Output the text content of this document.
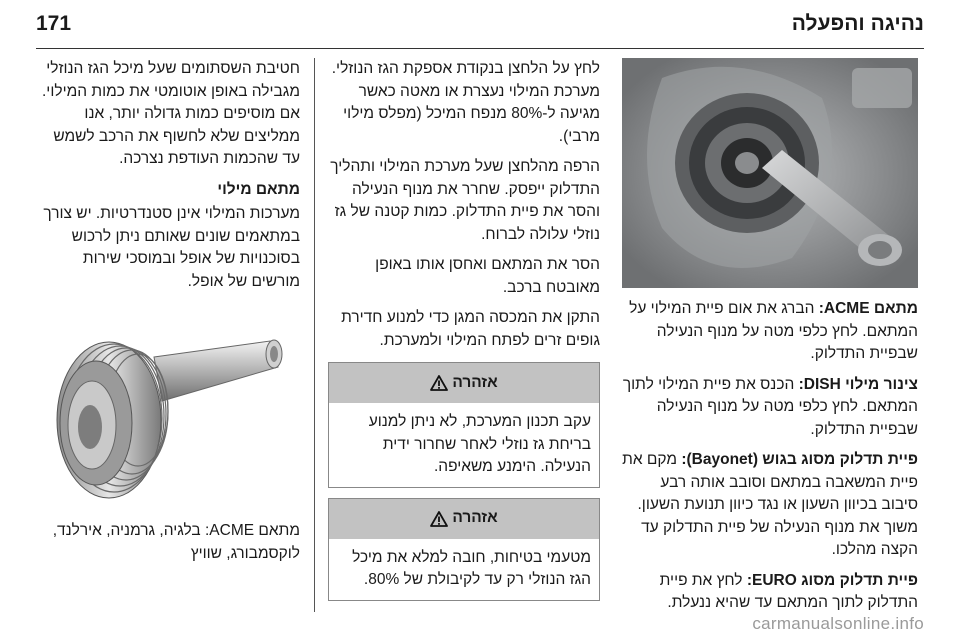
171	נהיגה והפעלה

מתאם ACME: הברג את אום פיית המילוי על המתאם. לחץ כלפי מטה על מנוף הנעילה שבפיית התדלוק.

צינור מילוי DISH: הכנס את פיית המילוי לתוך המתאם. לחץ כלפי מטה על מנוף הנעילה שבפיית התדלוק.

פיית תדלוק מסוג בגוש (Bayonet): מקם את פיית המשאבה במתאם וסובב אותה רבע סיבוב בכיוון השעון או נגד כיוון תנועת השעון. משוך את מנוף הנעילה של פיית התדלוק עד הקצה מהלכו.

פיית תדלוק מסוג EURO: לחץ את פיית התדלוק לתוך המתאם עד שהיא ננעלת.

לחץ על הלחצן בנקודת אספקת הגז הנוזלי. מערכת המילוי נעצרת או מאטה כאשר מגיעה ל-80% מנפח המיכל (מפלס מילוי מרבי).

הרפה מהלחצן שעל מערכת המילוי ותהליך התדלוק ייפסק. שחרר את מנוף הנעילה והסר את פיית התדלוק. כמות קטנה של גז נוזלי עלולה לברוח.

הסר את המתאם ואחסן אותו באופן מאובטח ברכב.

התקן את המכסה המגן כדי למנוע חדירת גופים זרים לפתח המילוי ולמערכת.

אזהרה
עקב תכנון המערכת, לא ניתן למנוע בריחת גז נוזלי לאחר שחרור ידית הנעילה. הימנע משאיפה.
אזהרה
מטעמי בטיחות, חובה למלא את מיכל הגז הנוזלי רק עד לקיבולת של 80%.

חטיבת השסתומים שעל מיכל הגז הנוזלי מגבילה באופן אוטומטי את כמות המילוי. אם מוסיפים כמות גדולה יותר, אנו ממליצים שלא לחשוף את הרכב לשמש עד שהכמות העודפת נצרכה.

מתאם מילוי

מערכות המילוי אינן סטנדרטיות. יש צורך במתאמים שונים שאותם ניתן לרכוש בסוכנויות של אופל ובמוסכי שירות מורשים של אופל.

מתאם ACME: בלגיה, גרמניה, אירלנד, לוקסמבורג, שוויץ

carmanualsonline.info
